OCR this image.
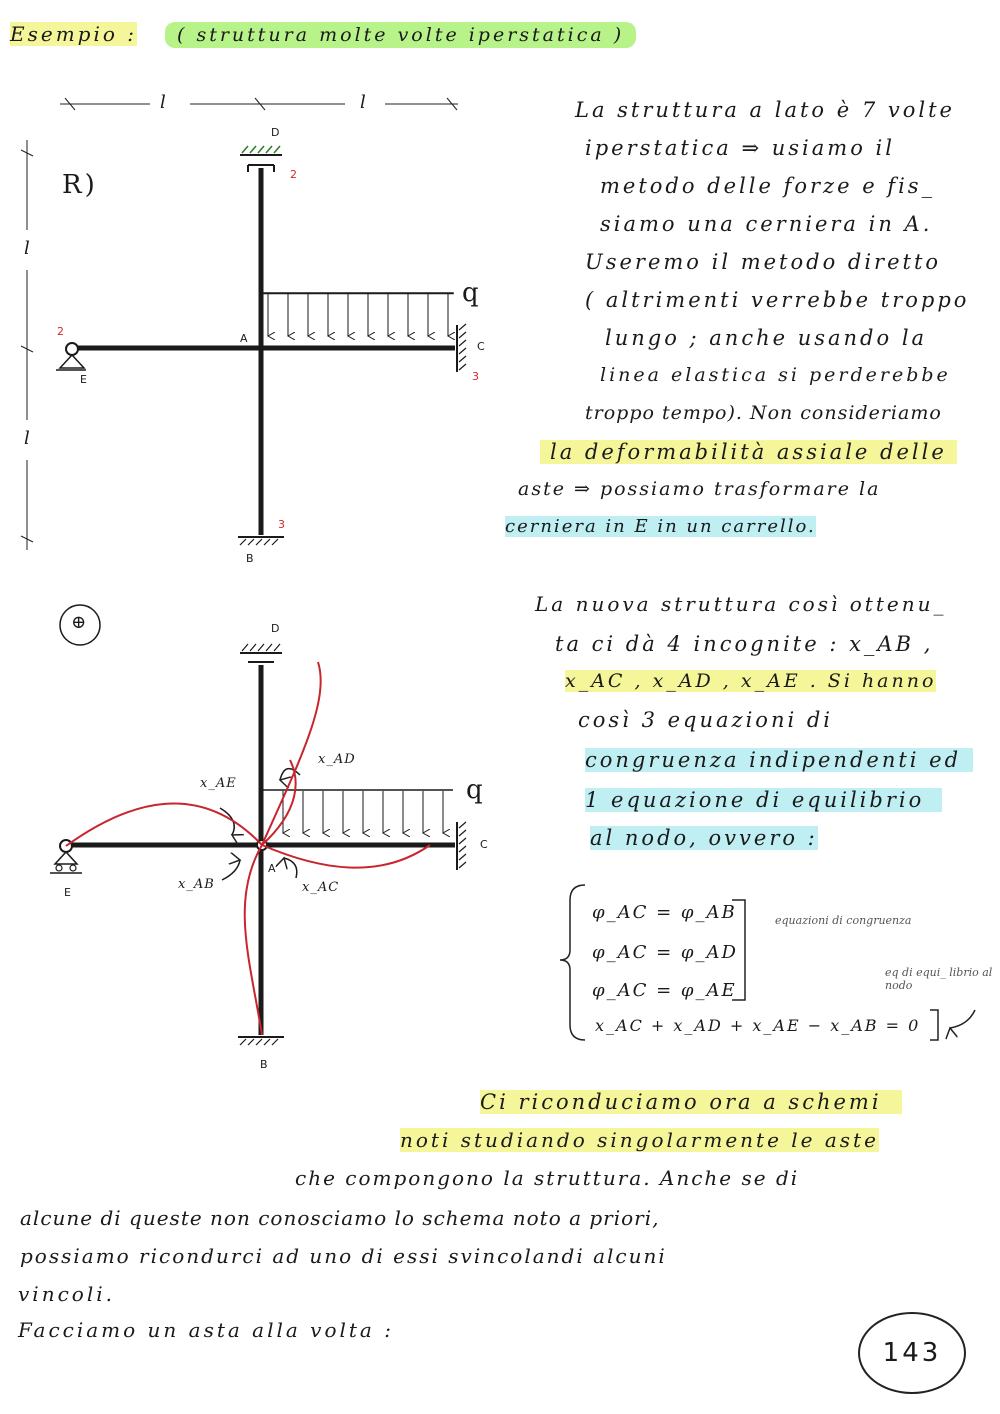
Esempio :	( struttura molte volte iperstatica )
l	l
l
l
R)
D
A
C
E
B
q
2
2
3
3
⊕	D
A
C
E
B
q
x_AD
x_AE
x_AB	x_AC
La struttura a lato è 7 volte
iperstatica ⇒ usiamo il
metodo delle forze e fis_
siamo una cerniera in A.
Useremo il metodo diretto
( altrimenti verrebbe troppo
lungo ; anche usando la
linea elastica si perderebbe
troppo tempo). Non consideriamo
la deformabilità assiale delle
aste ⇒ possiamo trasformare la
cerniera in E in un carrello.
La nuova struttura così ottenu_
ta ci dà 4 incognite : x_AB ,
x_AC , x_AD , x_AE . Si hanno
così 3 equazioni di
congruenza indipendenti ed
1 equazione di equilibrio
al nodo, ovvero :
φ_AC = φ_AB
φ_AC = φ_AD
φ_AC = φ_AE
x_AC + x_AD + x_AE − x_AB = 0
equazioni di congruenza
eq di equi_ librio al nodo
Ci riconduciamo ora a schemi
noti studiando singolarmente le aste
che compongono la struttura. Anche se di
alcune di queste non conosciamo lo schema noto a priori,
possiamo ricondurci ad uno di essi svincolandi alcuni
vincoli.
Facciamo un asta alla volta :
143
